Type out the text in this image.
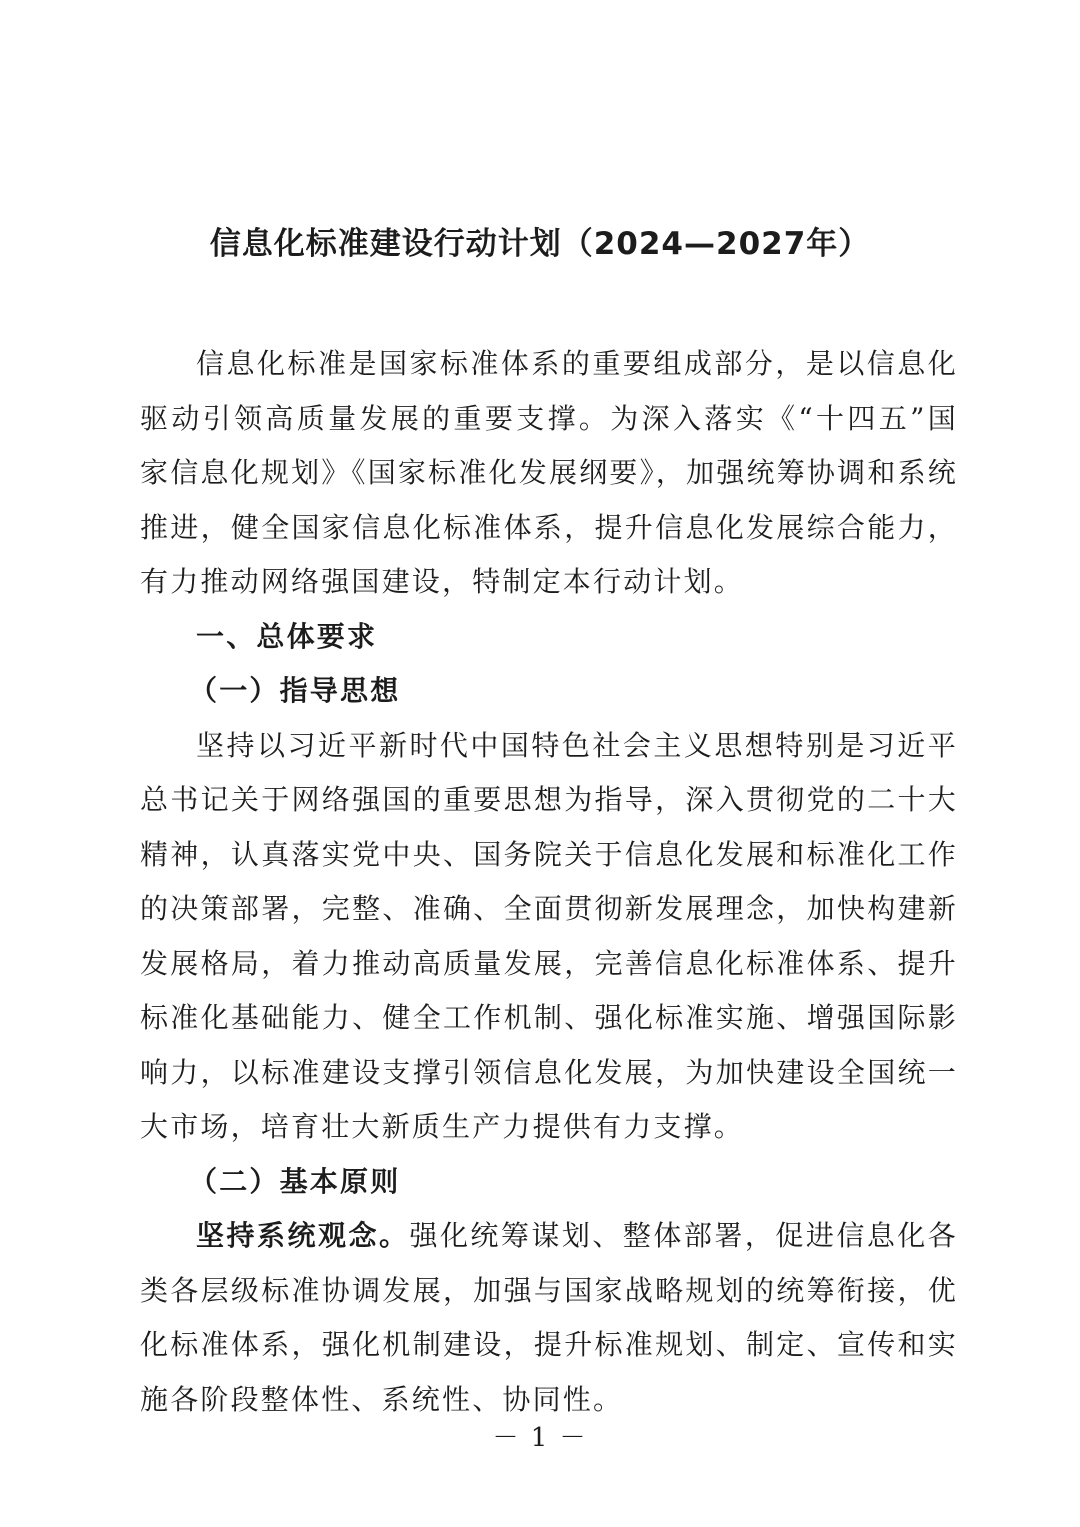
信息化标准建设行动计划（2024—2027年）

信息化标准是国家标准体系的重要组成部分，是以信息化驱动引领高质量发展的重要支撑。为深入落实《“十四五”国家信息化规划》《国家标准化发展纲要》，加强统筹协调和系统推进，健全国家信息化标准体系，提升信息化发展综合能力，有力推动网络强国建设，特制定本行动计划。

一、总体要求

（一）指导思想

坚持以习近平新时代中国特色社会主义思想特别是习近平总书记关于网络强国的重要思想为指导，深入贯彻党的二十大精神，认真落实党中央、国务院关于信息化发展和标准化工作的决策部署，完整、准确、全面贯彻新发展理念，加快构建新发展格局，着力推动高质量发展，完善信息化标准体系、提升标准化基础能力、健全工作机制、强化标准实施、增强国际影响力，以标准建设支撑引领信息化发展，为加快建设全国统一大市场，培育壮大新质生产力提供有力支撑。

（二）基本原则

坚持系统观念。强化统筹谋划、整体部署，促进信息化各类各层级标准协调发展，加强与国家战略规划的统筹衔接，优化标准体系，强化机制建设，提升标准规划、制定、宣传和实施各阶段整体性、系统性、协同性。

－ 1 －
